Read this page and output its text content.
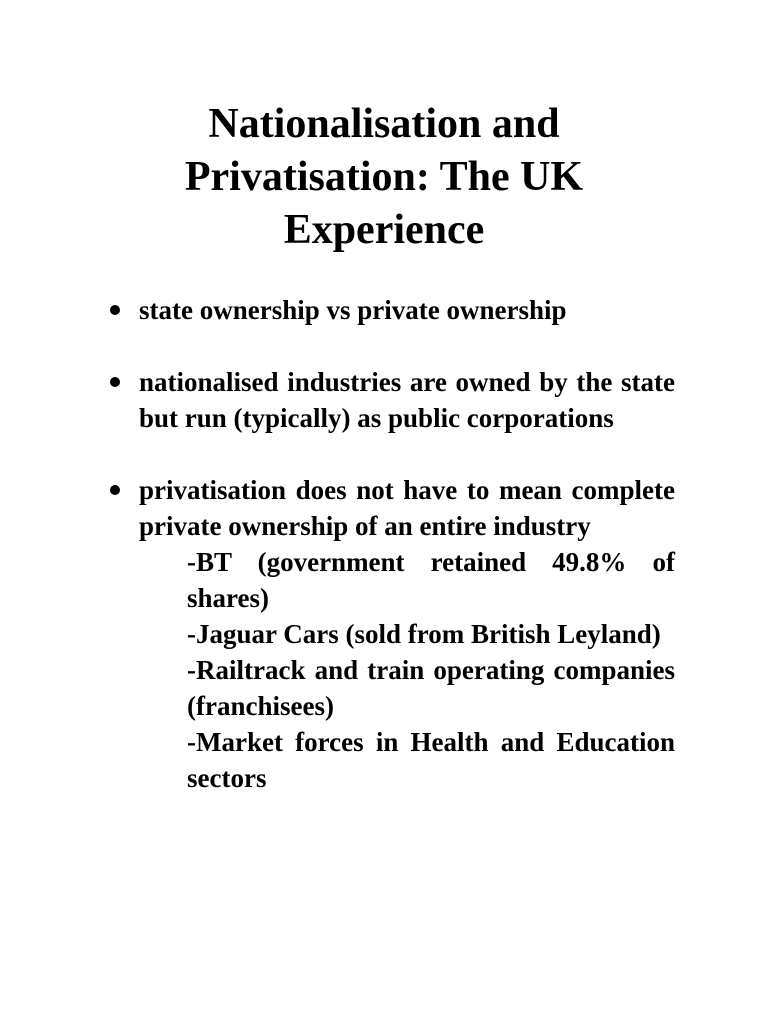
Nationalisation and
Privatisation: The UK
Experience
state ownership vs private ownership
nationalised industries are owned by the state but run (typically) as public corporations
privatisation does not have to mean complete private ownership of an entire industry
-BT (government retained 49.8% of shares)
-Jaguar Cars (sold from British Leyland)
-Railtrack and train operating companies (franchisees)
-Market forces in Health and Education sectors
